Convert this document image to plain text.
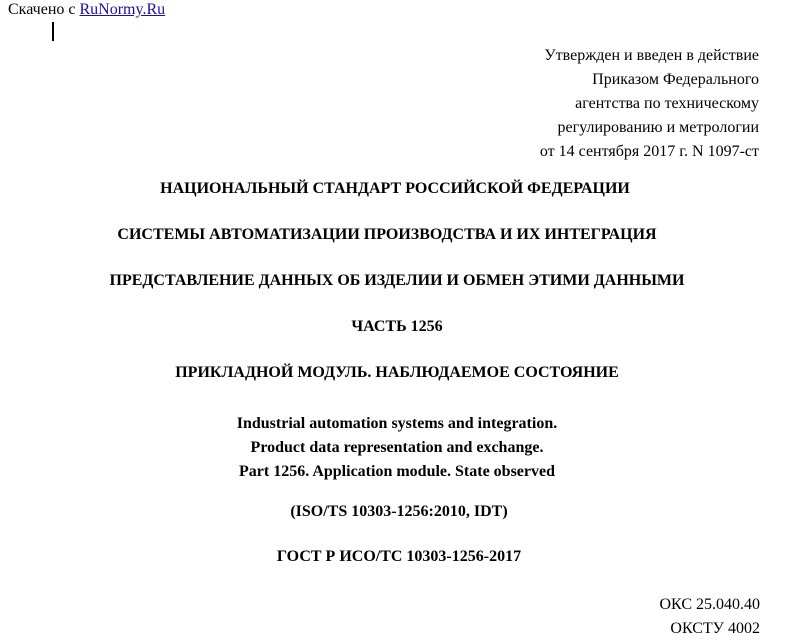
Скачено с RuNormy.Ru
Утвержден и введен в действие
Приказом Федерального
агентства по техническому
регулированию и метрологии
от 14 сентября 2017 г. N 1097-ст
НАЦИОНАЛЬНЫЙ СТАНДАРТ РОССИЙСКОЙ ФЕДЕРАЦИИ
СИСТЕМЫ АВТОМАТИЗАЦИИ ПРОИЗВОДСТВА И ИХ ИНТЕГРАЦИЯ
ПРЕДСТАВЛЕНИЕ ДАННЫХ ОБ ИЗДЕЛИИ И ОБМЕН ЭТИМИ ДАННЫМИ
ЧАСТЬ 1256
ПРИКЛАДНОЙ МОДУЛЬ. НАБЛЮДАЕМОЕ СОСТОЯНИЕ
Industrial automation systems and integration.
Product data representation and exchange.
Part 1256. Application module. State observed
(ISO/TS 10303-1256:2010, IDT)
ГОСТ Р ИСО/ТС 10303-1256-2017
ОКС 25.040.40
ОКСТУ 4002
